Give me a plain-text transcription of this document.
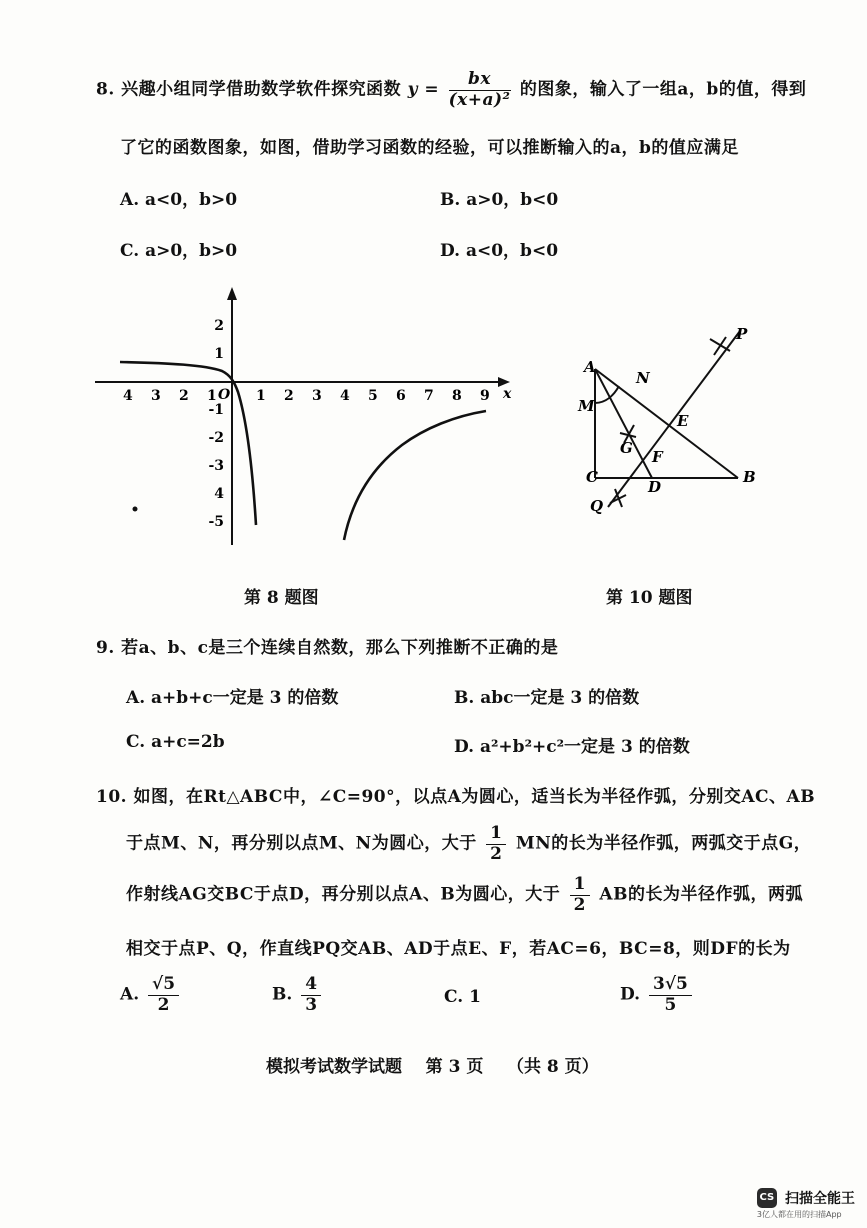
8. 兴趣小组同学借助数学软件探究函数 $y = \frac{bx}{\text{(x+a)²}}$ 的图象，输入了一组a，b的值，得到
了它的函数图象，如图，借助学习函数的经验，可以推断输入的a，b的值应满足
A. a<0，b>0	B. a>0，b<0
C. a>0，b>0	D. a<0，b<0
x
O
4 3 2 1	1 2 3 4 5 6 7 8 9
2
1
-1
-2
-3
4
-5
A
B
C
D
E
F
G
M
N
P
Q
第 8 题图	第 10 题图
9. 若a、b、c是三个连续自然数，那么下列推断不正确的是
A. a+b+c一定是 3 的倍数	B. abc一定是 3 的倍数
C. a+c=2b	D. a²+b²+c²一定是 3 的倍数
10. 如图，在Rt△ABC中，∠C=90°，以点A为圆心，适当长为半径作弧，分别交AC、AB
于点M、N，再分别以点M、N为圆心，大于 $\frac{1}{2}$ MN的长为半径作弧，两弧交于点G，
作射线AG交BC于点D，再分别以点A、B为圆心，大于 $\frac{1}{2}$ AB的长为半径作弧，两弧
相交于点P、Q，作直线PQ交AB、AD于点E、F，若AC=6，BC=8，则DF的长为
A. $\frac{√5}{2}$	B. $\frac{4}{3}$	C. 1	D. $\frac{3√5}{5}$
模拟考试数学试题    第 3 页    （共 8 页）
CS 扫描全能王
3亿人都在用的扫描App
